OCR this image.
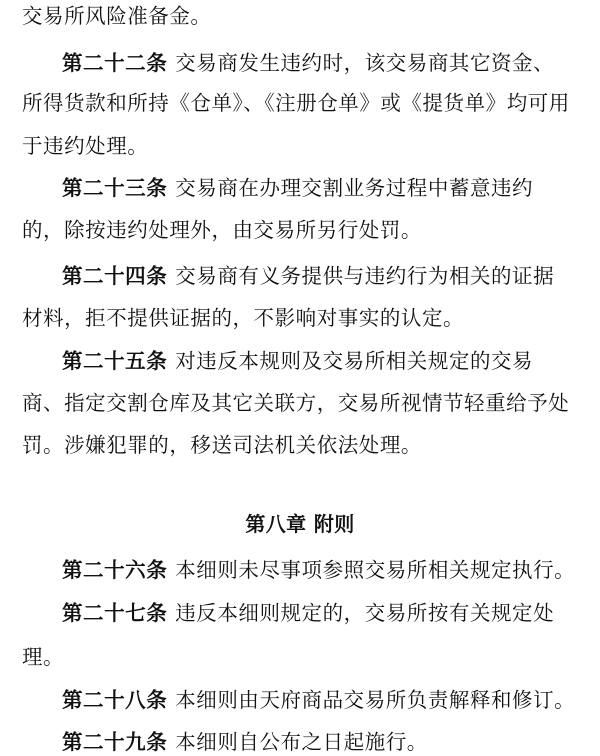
交易所风险准备金。
第二十二条 交易商发生违约时，该交易商其它资金、
所得货款和所持《仓单》、《注册仓单》或《提货单》均可用
于违约处理。
第二十三条 交易商在办理交割业务过程中蓄意违约
的，除按违约处理外，由交易所另行处罚。
第二十四条 交易商有义务提供与违约行为相关的证据
材料，拒不提供证据的，不影响对事实的认定。
第二十五条 对违反本规则及交易所相关规定的交易
商、指定交割仓库及其它关联方，交易所视情节轻重给予处
罚。涉嫌犯罪的，移送司法机关依法处理。
第八章 附则
第二十六条 本细则未尽事项参照交易所相关规定执行。
第二十七条 违反本细则规定的，交易所按有关规定处
理。
第二十八条 本细则由天府商品交易所负责解释和修订。
第二十九条 本细则自公布之日起施行。
